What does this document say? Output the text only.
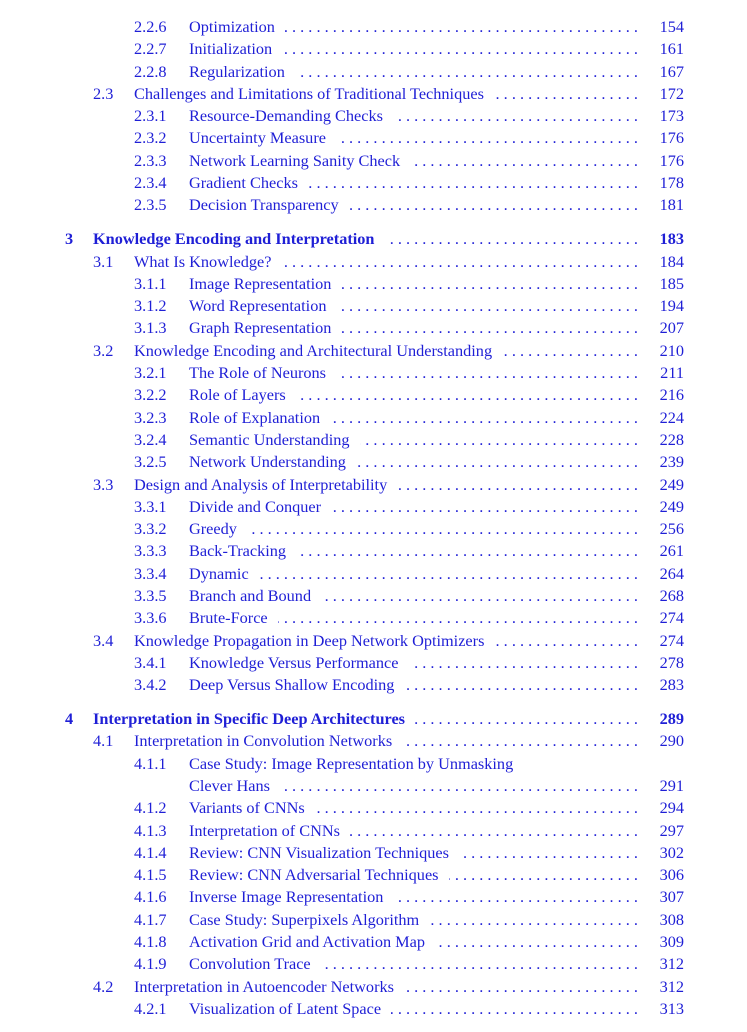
2.2.6 Optimization . . .	154
2.2.7 Initialization . . .	161
2.2.8 Regularization . . .	167
2.3 Challenges and Limitations of Traditional Techniques . . .	172
2.3.1 Resource-Demanding Checks . . .	173
2.3.2 Uncertainty Measure . . .	176
2.3.3 Network Learning Sanity Check . . .	176
2.3.4 Gradient Checks . . .	178
2.3.5 Decision Transparency . . .	181
3 Knowledge Encoding and Interpretation . . .	183
3.1 What Is Knowledge? . . .	184
3.1.1 Image Representation . . .	185
3.1.2 Word Representation . . .	194
3.1.3 Graph Representation . . .	207
3.2 Knowledge Encoding and Architectural Understanding . . .	210
3.2.1 The Role of Neurons . . .	211
3.2.2 Role of Layers . . .	216
3.2.3 Role of Explanation . . .	224
3.2.4 Semantic Understanding . . .	228
3.2.5 Network Understanding . . .	239
3.3 Design and Analysis of Interpretability . . .	249
3.3.1 Divide and Conquer . . .	249
3.3.2 Greedy . . .	256
3.3.3 Back-Tracking . . .	261
3.3.4 Dynamic . . .	264
3.3.5 Branch and Bound . . .	268
3.3.6 Brute-Force . . .	274
3.4 Knowledge Propagation in Deep Network Optimizers . . .	274
3.4.1 Knowledge Versus Performance . . .	278
3.4.2 Deep Versus Shallow Encoding . . .	283
4 Interpretation in Specific Deep Architectures . . .	289
4.1 Interpretation in Convolution Networks . . .	290
4.1.1 Case Study: Image Representation by Unmasking
Clever Hans . . .	291
4.1.2 Variants of CNNs . . .	294
4.1.3 Interpretation of CNNs . . .	297
4.1.4 Review: CNN Visualization Techniques . . .	302
4.1.5 Review: CNN Adversarial Techniques . . .	306
4.1.6 Inverse Image Representation . . .	307
4.1.7 Case Study: Superpixels Algorithm . . .	308
4.1.8 Activation Grid and Activation Map . . .	309
4.1.9 Convolution Trace . . .	312
4.2 Interpretation in Autoencoder Networks . . .	312
4.2.1 Visualization of Latent Space . . .	313
